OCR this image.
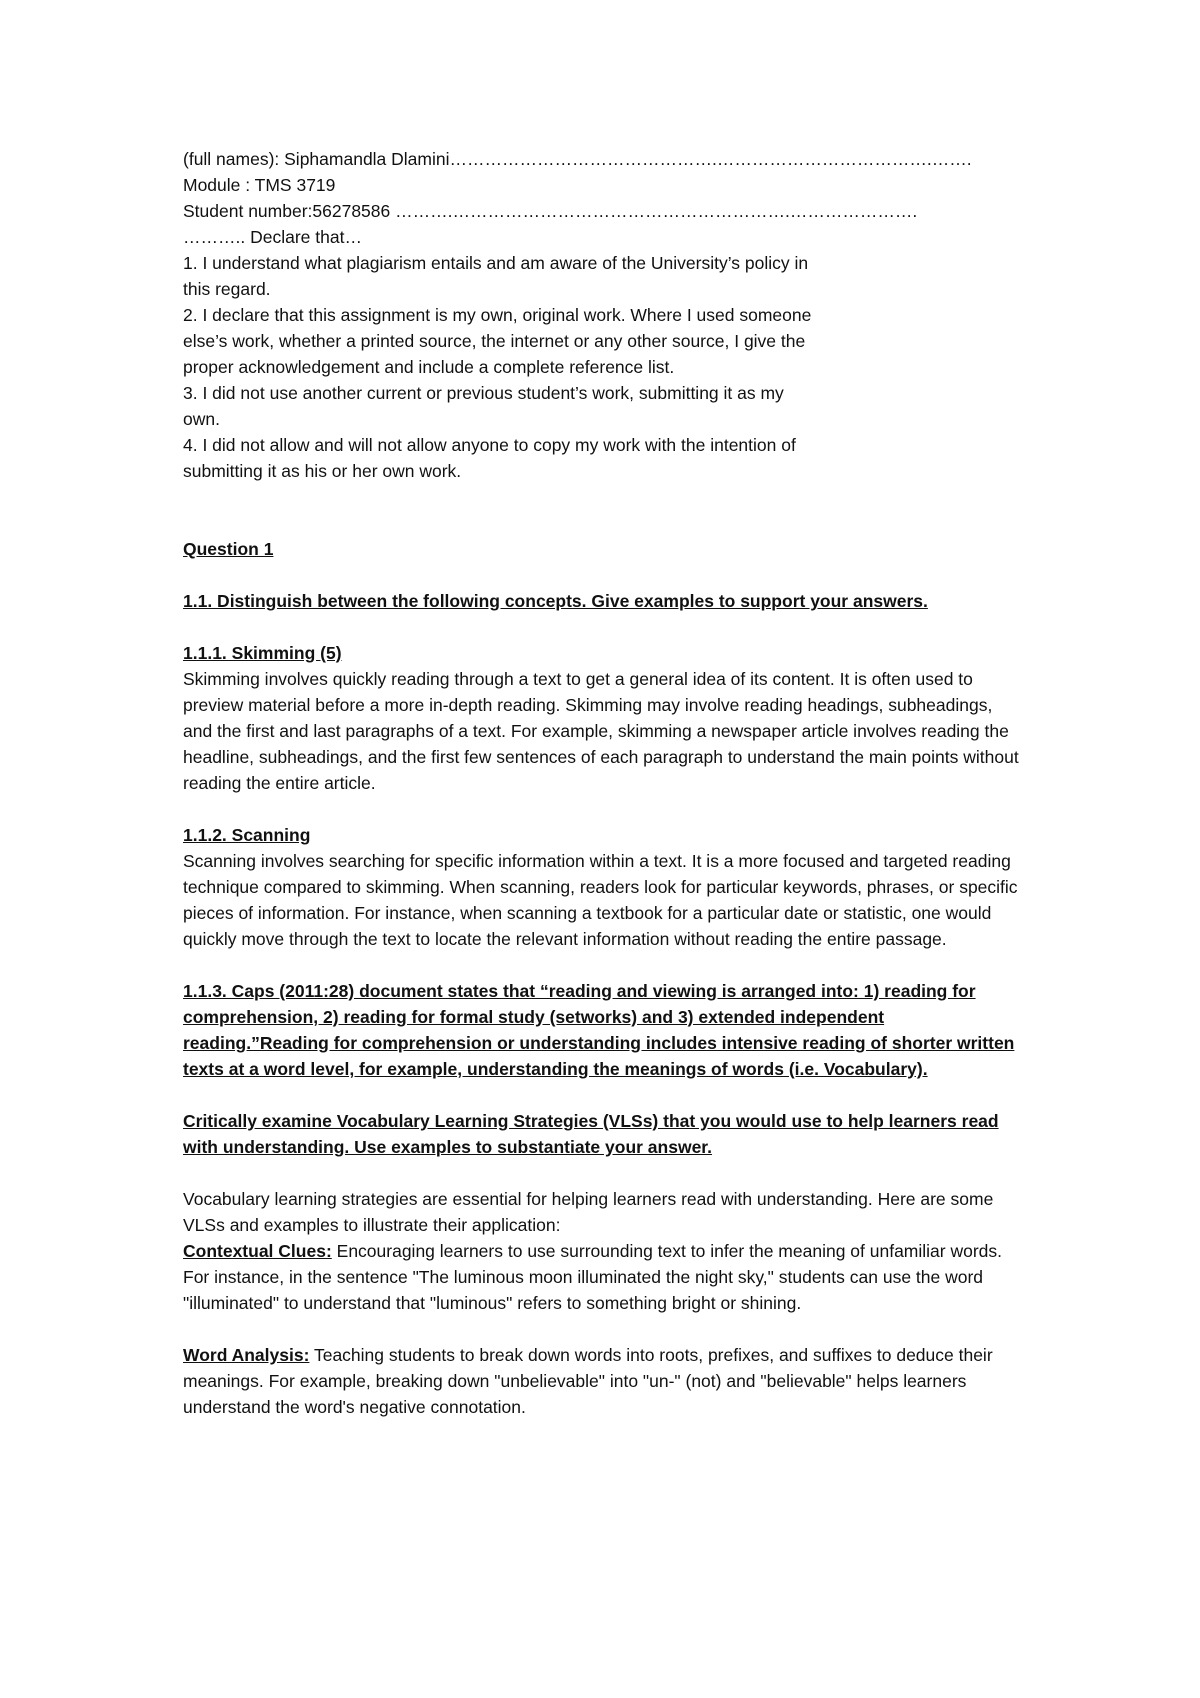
(full names): Siphamandla Dlamini……………………………………….……………………………….…….
Module : TMS 3719
Student number:56278586 ……….………………………………………………….………………….
……….. Declare that…
1. I understand what plagiarism entails and am aware of the University’s policy in this regard.
2. I declare that this assignment is my own, original work. Where I used someone else’s work, whether a printed source, the internet or any other source, I give the proper acknowledgement and include a complete reference list.
3. I did not use another current or previous student’s work, submitting it as my own.
4. I did not allow and will not allow anyone to copy my work with the intention of submitting it as his or her own work.
Question 1
1.1. Distinguish between the following concepts. Give examples to support your answers.
1.1.1. Skimming (5)
Skimming involves quickly reading through a text to get a general idea of its content. It is often used to preview material before a more in-depth reading. Skimming may involve reading headings, subheadings, and the first and last paragraphs of a text. For example, skimming a newspaper article involves reading the headline, subheadings, and the first few sentences of each paragraph to understand the main points without reading the entire article.
1.1.2. Scanning
Scanning involves searching for specific information within a text. It is a more focused and targeted reading technique compared to skimming. When scanning, readers look for particular keywords, phrases, or specific pieces of information. For instance, when scanning a textbook for a particular date or statistic, one would quickly move through the text to locate the relevant information without reading the entire passage.
1.1.3. Caps (2011:28) document states that “reading and viewing is arranged into: 1) reading for comprehension, 2) reading for formal study (setworks) and 3) extended independent reading.”Reading for comprehension or understanding includes intensive reading of shorter written texts at a word level, for example, understanding the meanings of words (i.e. Vocabulary).
Critically examine Vocabulary Learning Strategies (VLSs) that you would use to help learners read with understanding. Use examples to substantiate your answer.
Vocabulary learning strategies are essential for helping learners read with understanding. Here are some VLSs and examples to illustrate their application:
Contextual Clues: Encouraging learners to use surrounding text to infer the meaning of unfamiliar words. For instance, in the sentence "The luminous moon illuminated the night sky," students can use the word "illuminated" to understand that "luminous" refers to something bright or shining.
Word Analysis: Teaching students to break down words into roots, prefixes, and suffixes to deduce their meanings. For example, breaking down "unbelievable" into "un-" (not) and "believable" helps learners understand the word's negative connotation.
